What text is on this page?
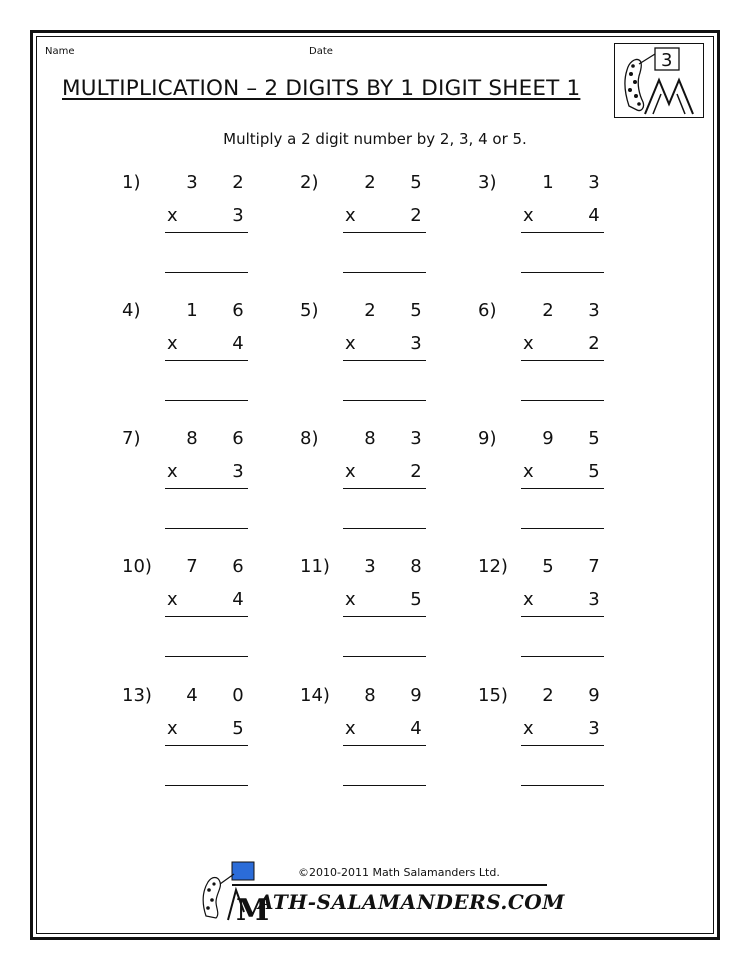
Name	Date
MULTIPLICATION – 2 DIGITS BY 1 DIGIT SHEET 1
Multiply a 2 digit number by 2, 3, 4 or 5.
3
1)	3 2
x	3
2)	2 5
x	2
3)	1 3
x	4
4)	1 6
x	4
5)	2 5
x	3
6)	2 3
x	2
7)	8 6
x	3
8)	8 3
x	2
9)	9 5
x	5
10) 7 6
x	4
11) 3 8
x	5
12) 5 7
x	3
13) 4 0
x	5
14) 8 9
x	4
15) 2 9
x	3
M
©2010-2011 Math Salamanders Ltd.
ATH-SALAMANDERS.COM
